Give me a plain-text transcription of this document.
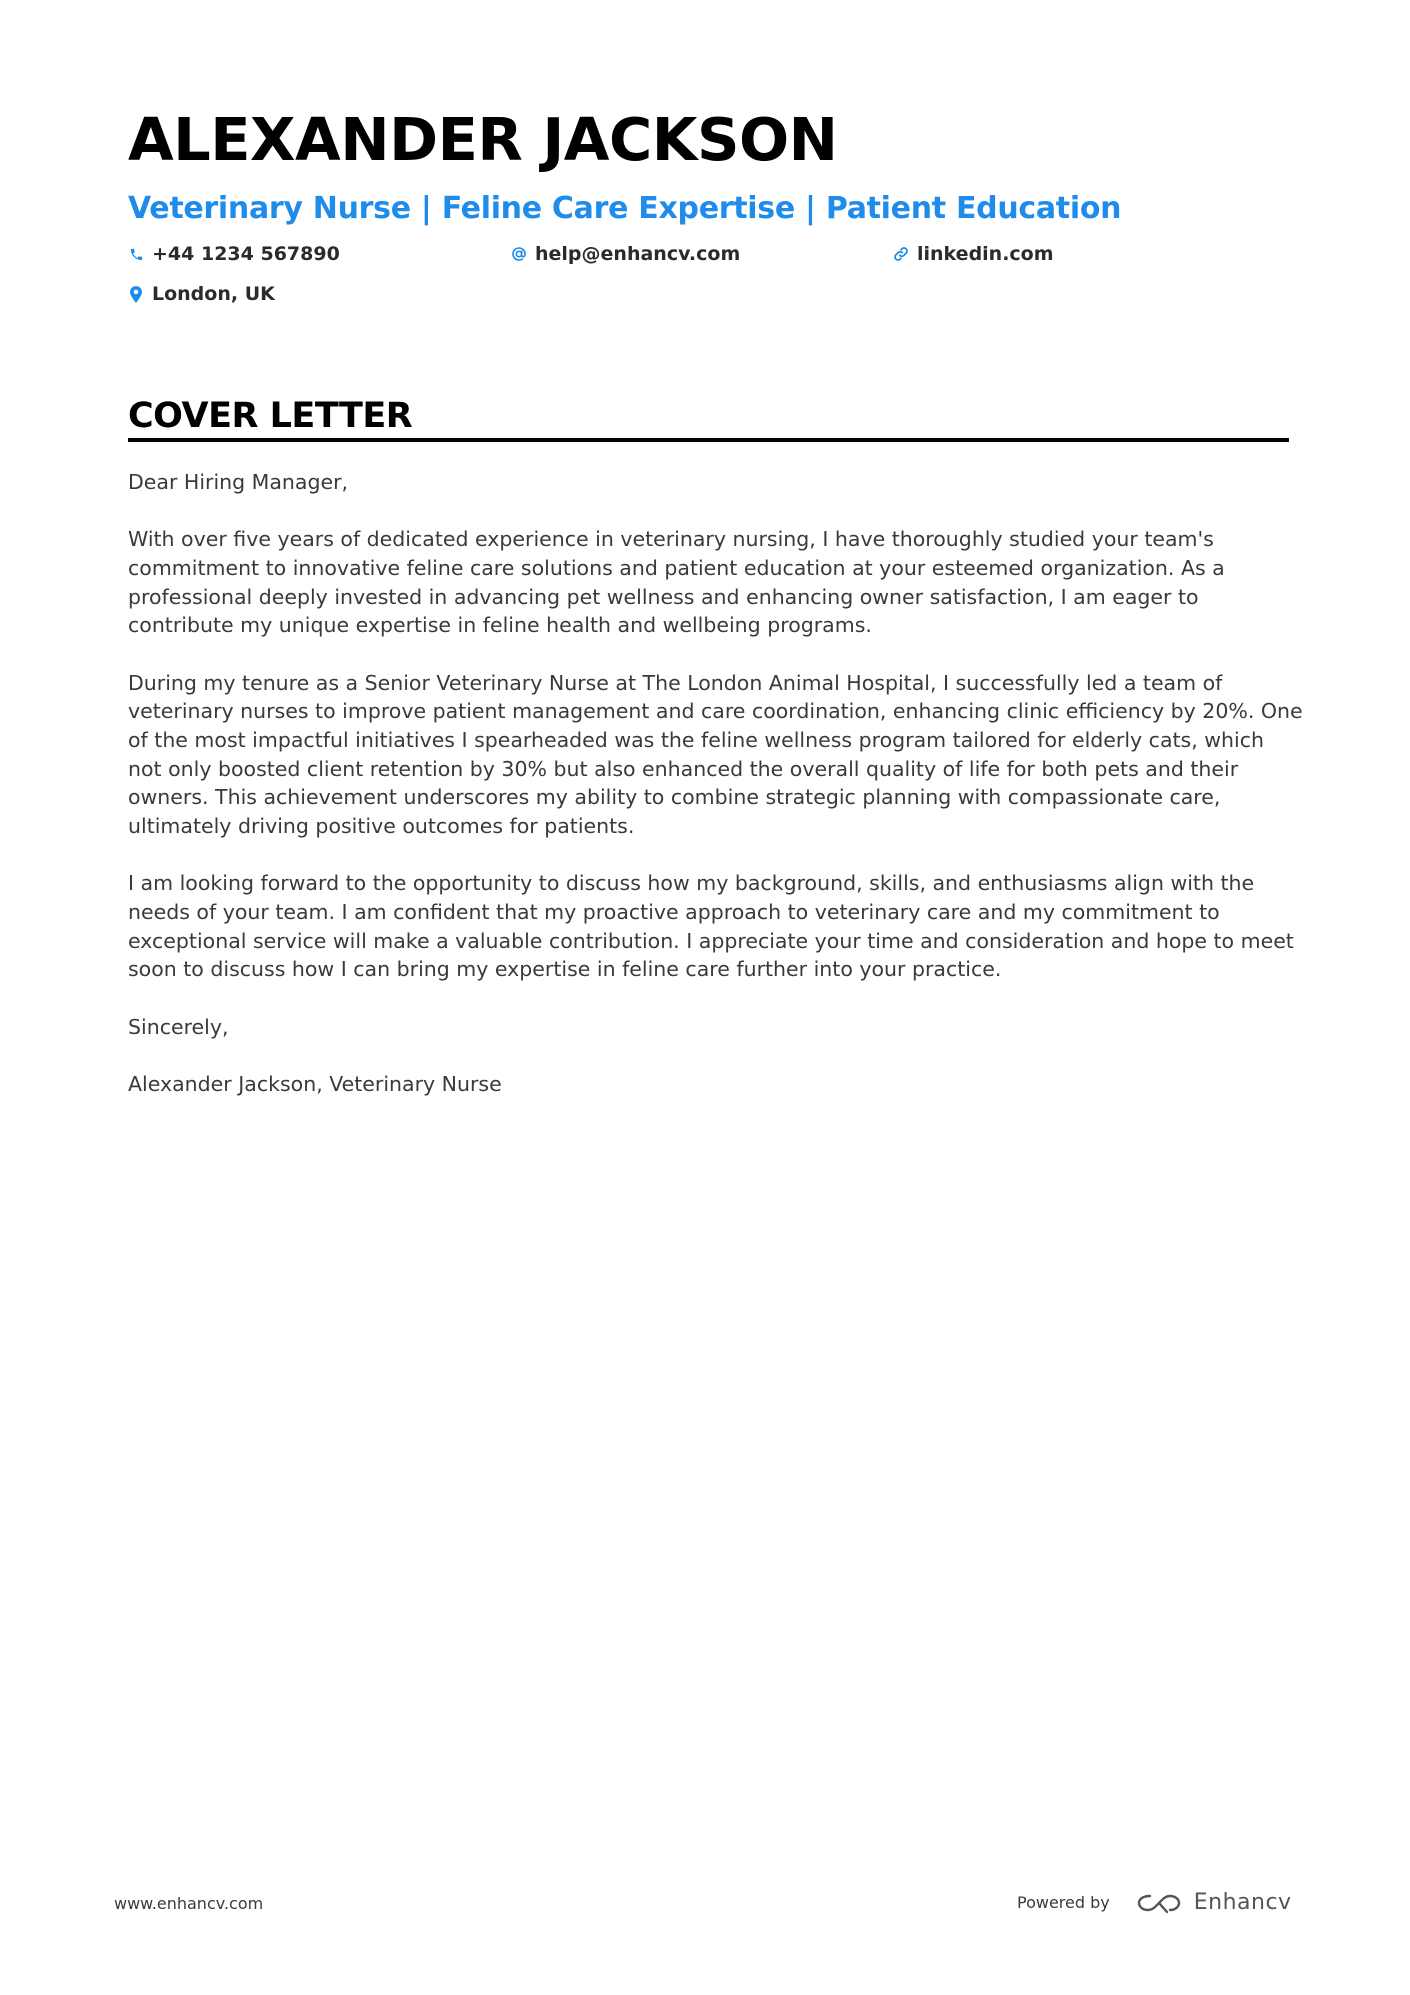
ALEXANDER JACKSON
Veterinary Nurse | Feline Care Expertise | Patient Education
+44 1234 567890	help@enhancv.com	linkedin.com
London, UK
COVER LETTER

Dear Hiring Manager,

With over five years of dedicated experience in veterinary nursing, I have thoroughly studied your team's commitment to innovative feline care solutions and patient education at your esteemed organization. As a professional deeply invested in advancing pet wellness and enhancing owner satisfaction, I am eager to contribute my unique expertise in feline health and wellbeing programs.

During my tenure as a Senior Veterinary Nurse at The London Animal Hospital, I successfully led a team of veterinary nurses to improve patient management and care coordination, enhancing clinic efficiency by 20%. One of the most impactful initiatives I spearheaded was the feline wellness program tailored for elderly cats, which not only boosted client retention by 30% but also enhanced the overall quality of life for both pets and their owners. This achievement underscores my ability to combine strategic planning with compassionate care, ultimately driving positive outcomes for patients.

I am looking forward to the opportunity to discuss how my background, skills, and enthusiasms align with the needs of your team. I am confident that my proactive approach to veterinary care and my commitment to exceptional service will make a valuable contribution. I appreciate your time and consideration and hope to meet soon to discuss how I can bring my expertise in feline care further into your practice.

Sincerely,

Alexander Jackson, Veterinary Nurse

www.enhancv.com	Powered by	Enhancv
